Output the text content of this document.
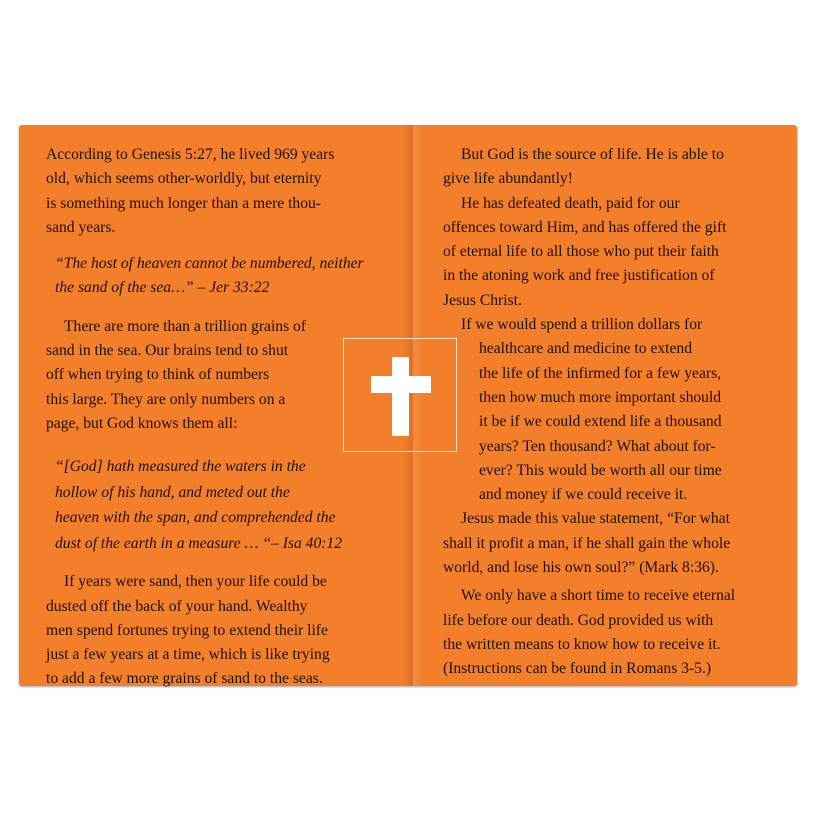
According to Genesis 5:27, he lived 969 years
old, which seems other-worldly, but eternity
is something much longer than a mere thou-
sand years.

“The host of heaven cannot be numbered, neither
the sand of the sea…” – Jer 33:22

There are more than a trillion grains of
sand in the sea. Our brains tend to shut
off when trying to think of numbers
this large. They are only numbers on a
page, but God knows them all:

“[God] hath measured the waters in the
hollow of his hand, and meted out the
heaven with the span, and comprehended the
dust of the earth in a measure … “– Isa 40:12

If years were sand, then your life could be
dusted off the back of your hand. Wealthy
men spend fortunes trying to extend their life
just a few years at a time, which is like trying
to add a few more grains of sand to the seas.

But God is the source of life. He is able to
give life abundantly!

He has defeated death, paid for our
offences toward Him, and has offered the gift
of eternal life to all those who put their faith
in the atoning work and free justification of
Jesus Christ.

If we would spend a trillion dollars for

healthcare and medicine to extend
the life of the infirmed for a few years,
then how much more important should
it be if we could extend life a thousand
years? Ten thousand? What about for-
ever? This would be worth all our time
and money if we could receive it.

Jesus made this value statement, “For what
shall it profit a man, if he shall gain the whole
world, and lose his own soul?” (Mark 8:36).

We only have a short time to receive eternal
life before our death. God provided us with
the written means to know how to receive it.
(Instructions can be found in Romans 3-5.)
